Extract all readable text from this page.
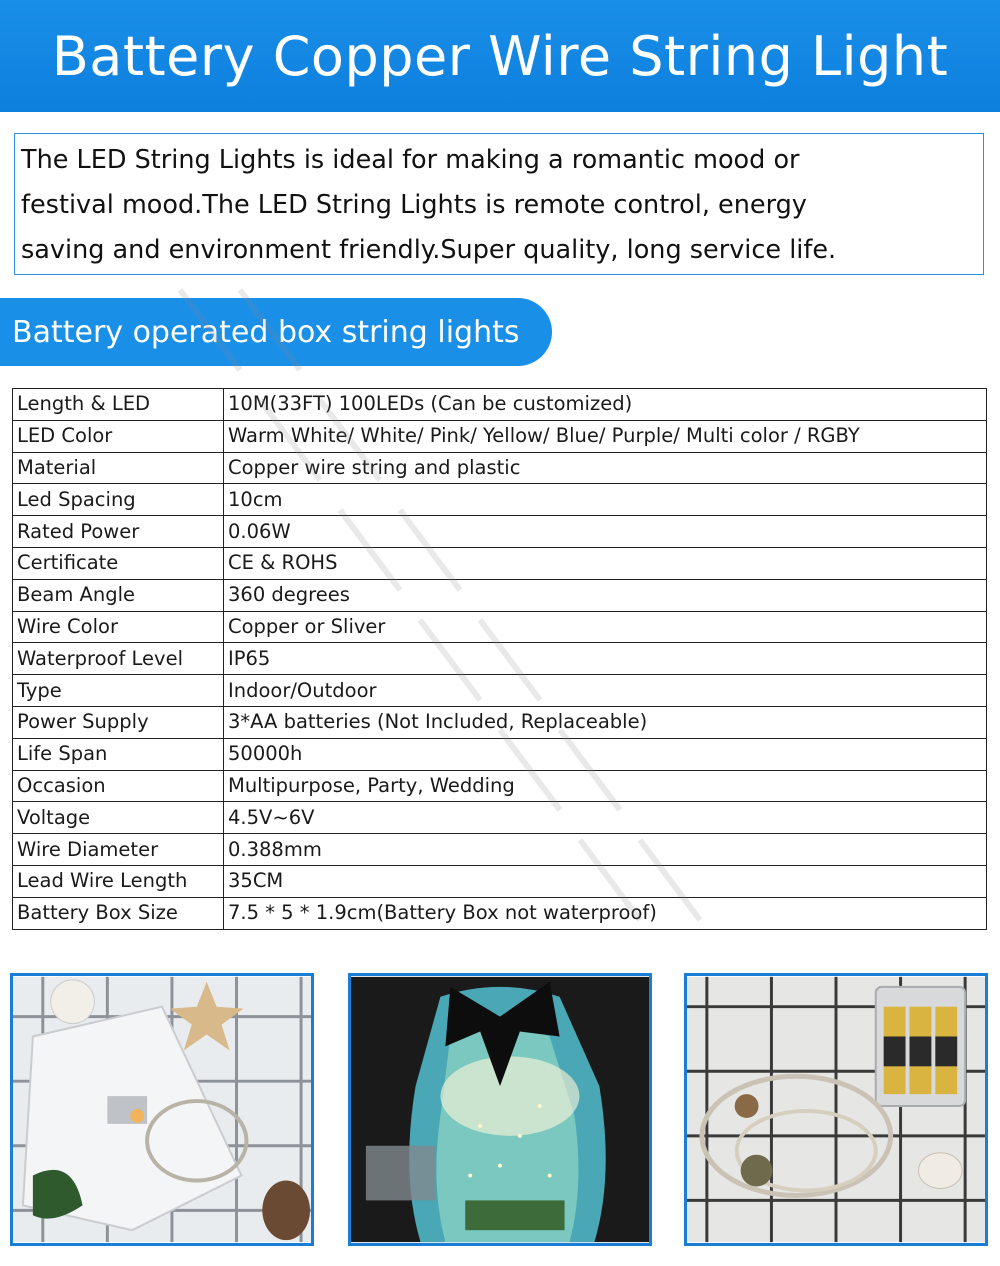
Battery Copper Wire String Light

The LED String Lights is ideal for making a romantic mood or

festival mood.The LED String Lights is remote control, energy

saving and environment friendly.Super quality, long service life.

Battery operated box string lights
Length & LED	10M(33FT) 100LEDs (Can be customized)
LED Color	Warm White/ White/ Pink/ Yellow/ Blue/ Purple/ Multi color / RGBY
Material	Copper wire string and plastic
Led Spacing	10cm
Rated Power	0.06W
Certificate	CE & ROHS
Beam Angle	360 degrees
Wire Color	Copper or Sliver
Waterproof Level	IP65
Type	Indoor/Outdoor
Power Supply	3*AA batteries (Not Included, Replaceable)
Life Span	50000h
Occasion	Multipurpose, Party, Wedding
Voltage	4.5V~6V
Wire Diameter	0.388mm
Lead Wire Length	35CM
Battery Box Size	7.5 * 5 * 1.9cm(Battery Box not waterproof)
